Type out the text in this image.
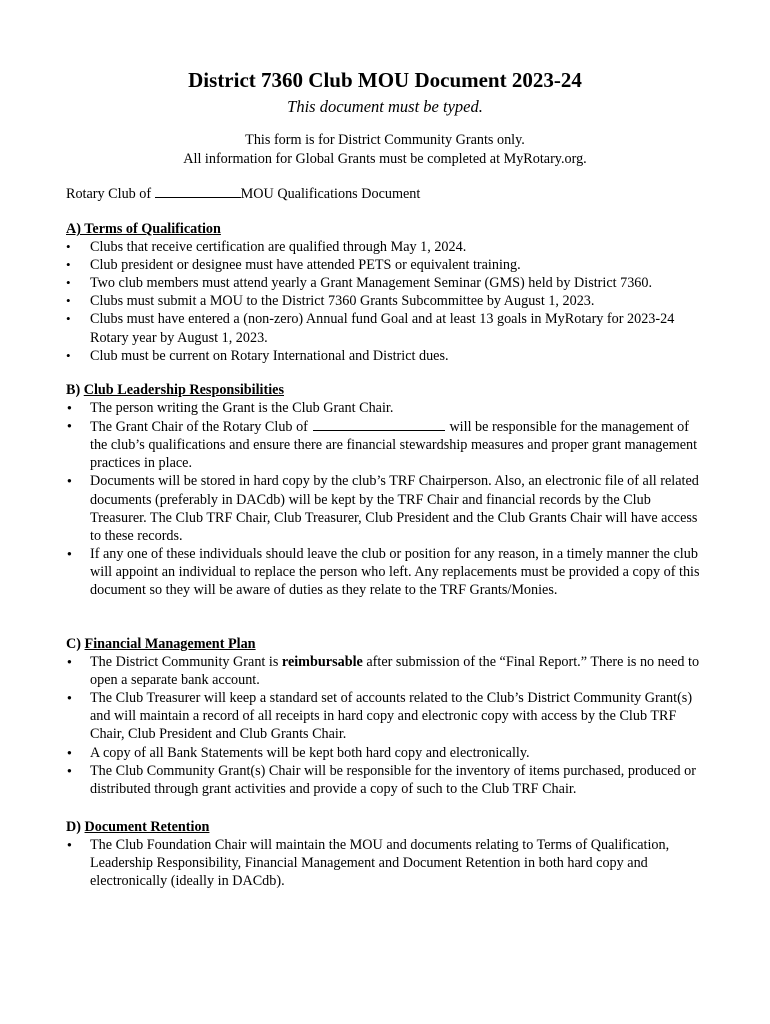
District 7360 Club MOU Document 2023-24
This document must be typed.
This form is for District Community Grants only.
All information for Global Grants must be completed at MyRotary.org.
Rotary Club of	MOU Qualifications Document
A) Terms of Qualification
•
Clubs that receive certification are qualified through May 1, 2024.
•
Club president or designee must have attended PETS or equivalent training.
•
Two club members must attend yearly a Grant Management Seminar (GMS) held by District 7360.
•
Clubs must submit a MOU to the District 7360 Grants Subcommittee by August 1, 2023.
•
Clubs must have entered a (non-zero) Annual fund Goal and at least 13 goals in MyRotary for 2023-24 Rotary year by August 1, 2023.
•
Club must be current on Rotary International and District dues.
B) Club Leadership Responsibilities
●
The person writing the Grant is the Club Grant Chair.
●
The Grant Chair of the Rotary Club of	will be responsible for the management of the club’s qualifications and ensure there are financial stewardship measures and proper grant management practices in place.
●
Documents will be stored in hard copy by the club’s TRF Chairperson. Also, an electronic file of all related documents (preferably in DACdb) will be kept by the TRF Chair and financial records by the Club Treasurer. The Club TRF Chair, Club Treasurer, Club President and the Club Grants Chair will have access to these records.
●
If any one of these individuals should leave the club or position for any reason, in a timely manner the club will appoint an individual to replace the person who left. Any replacements must be provided a copy of this document so they will be aware of duties as they relate to the TRF Grants/Monies.
C) Financial Management Plan
●
The District Community Grant is reimbursable after submission of the “Final Report.” There is no need to open a separate bank account.
●
The Club Treasurer will keep a standard set of accounts related to the Club’s District Community Grant(s) and will maintain a record of all receipts in hard copy and electronic copy with access by the Club TRF Chair, Club President and Club Grants Chair.
●
A copy of all Bank Statements will be kept both hard copy and electronically.
●
The Club Community Grant(s) Chair will be responsible for the inventory of items purchased, produced or distributed through grant activities and provide a copy of such to the Club TRF Chair.
D) Document Retention
●
The Club Foundation Chair will maintain the MOU and documents relating to Terms of Qualification, Leadership Responsibility, Financial Management and Document Retention in both hard copy and electronically (ideally in DACdb).
